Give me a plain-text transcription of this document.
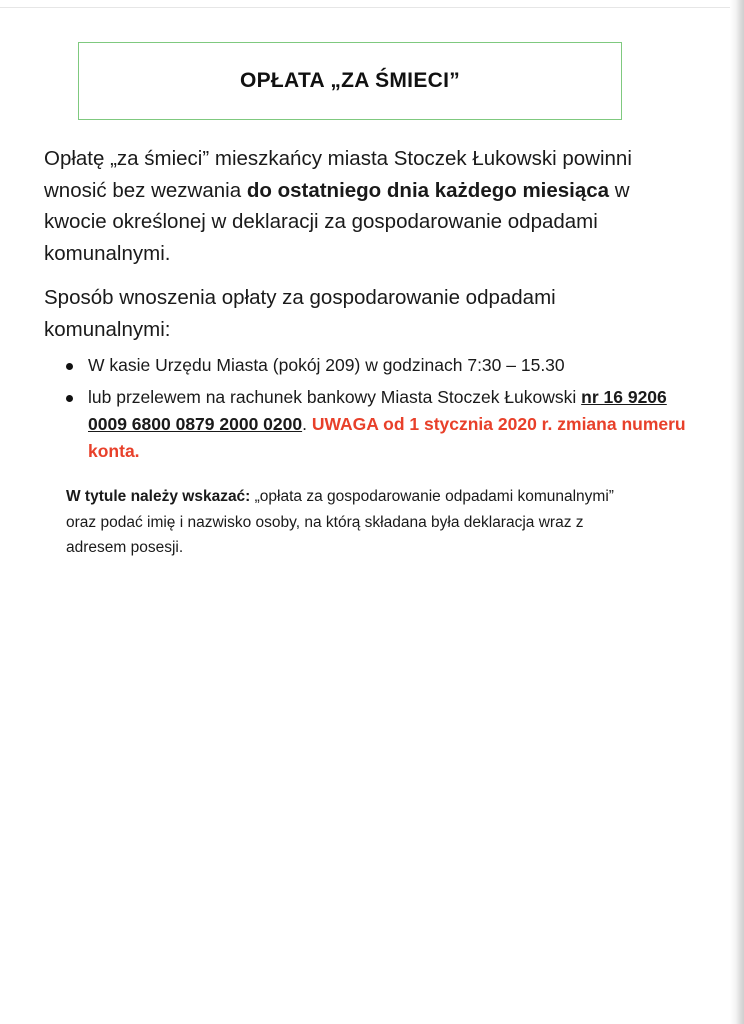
OPŁATA „ZA ŚMIECI”

Opłatę „za śmieci” mieszkańcy miasta Stoczek Łukowski powinni wnosić bez wezwania do ostatniego dnia każdego miesiąca w kwocie określonej w deklaracji za gospodarowanie odpadami komunalnymi.

Sposób wnoszenia opłaty za gospodarowanie odpadami komunalnymi:

W kasie Urzędu Miasta (pokój 209) w godzinach 7:30 – 15.30
lub przelewem na rachunek bankowy Miasta Stoczek Łukowski nr 16 9206 0009 6800 0879 2000 0200. UWAGA od 1 stycznia 2020 r. zmiana numeru konta.

W tytule należy wskazać: „opłata za gospodarowanie odpadami komunalnymi” oraz podać imię i nazwisko osoby, na którą składana była deklaracja wraz z adresem posesji.
